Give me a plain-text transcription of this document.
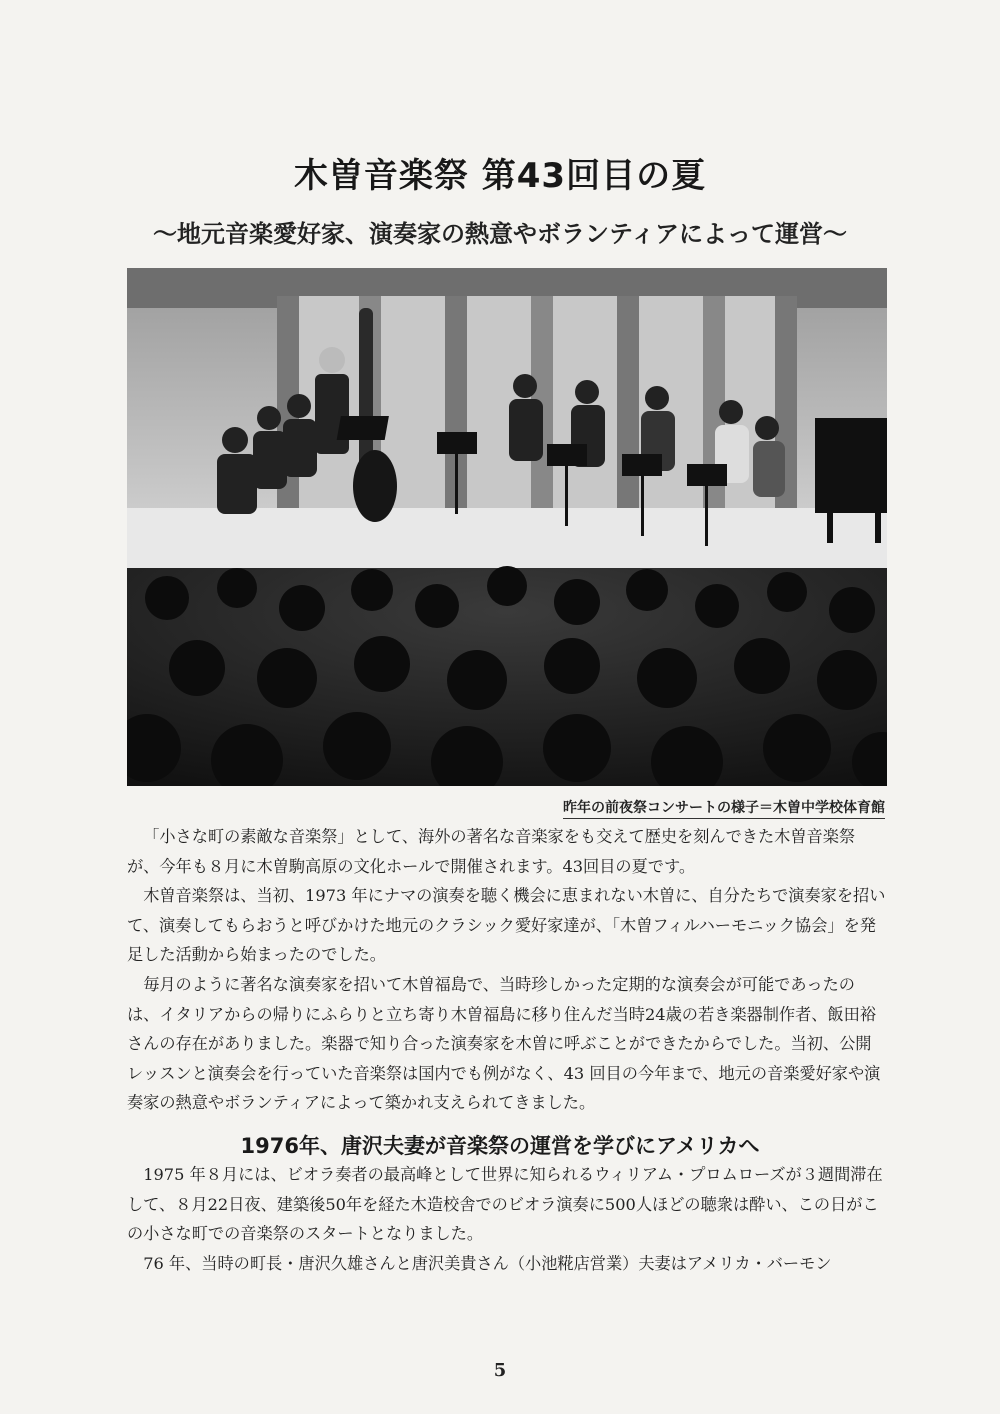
木曽音楽祭 第43回目の夏
～地元音楽愛好家、演奏家の熱意やボランティアによって運営～
昨年の前夜祭コンサートの様子＝木曽中学校体育館

「小さな町の素敵な音楽祭」として、海外の著名な音楽家をも交えて歴史を刻んできた木曽音楽祭が、今年も８月に木曽駒高原の文化ホールで開催されます。43回目の夏です。

木曽音楽祭は、当初、1973 年にナマの演奏を聴く機会に恵まれない木曽に、自分たちで演奏家を招いて、演奏してもらおうと呼びかけた地元のクラシック愛好家達が、「木曽フィルハーモニック協会」を発足した活動から始まったのでした。

毎月のように著名な演奏家を招いて木曽福島で、当時珍しかった定期的な演奏会が可能であったのは、イタリアからの帰りにふらりと立ち寄り木曽福島に移り住んだ当時24歳の若き楽器制作者、飯田裕さんの存在がありました。楽器で知り合った演奏家を木曽に呼ぶことができたからでした。当初、公開レッスンと演奏会を行っていた音楽祭は国内でも例がなく、43 回目の今年まで、地元の音楽愛好家や演奏家の熱意やボランティアによって築かれ支えられてきました。

1976年、唐沢夫妻が音楽祭の運営を学びにアメリカへ

1975 年８月には、ビオラ奏者の最高峰として世界に知られるウィリアム・プロムローズが３週間滞在して、８月22日夜、建築後50年を経た木造校舎でのビオラ演奏に500人ほどの聴衆は酔い、この日がこの小さな町での音楽祭のスタートとなりました。

76 年、当時の町長・唐沢久雄さんと唐沢美貴さん（小池糀店営業）夫妻はアメリカ・バーモン

5
